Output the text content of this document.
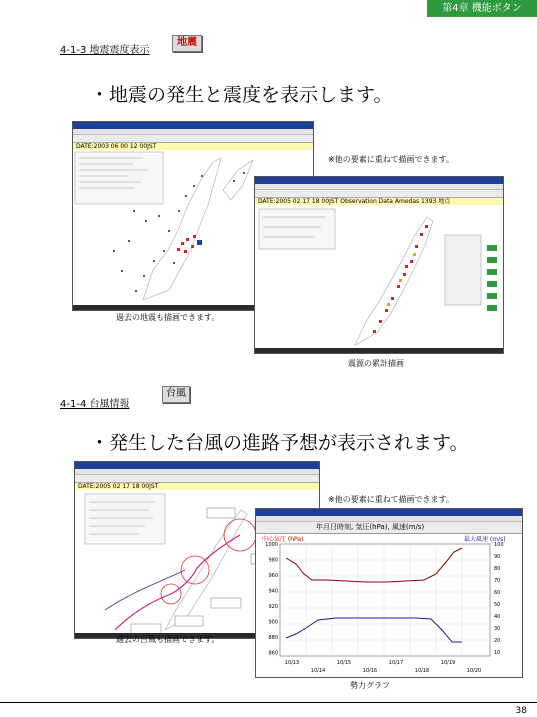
第4章 機能ボタン
4-1-3 地震震度表示
地震
・地震の発生と震度を表示します。
DATE:2003 06 00 12 00JST
※他の要素に重ねて描画できます。
DATE:2005 02 17 18 00JST Observation Data Amedas 1393 地点
過去の地震も描画できます。
震源の累計描画
4-1-4 台風情報
台風
・発生した台風の進路予想が表示されます。
DATE:2005 02 17 18 00JST
※他の要素に重ねて描画できます。
年月日時刻, 気圧(hPa), 風速(m/s)
中心気圧 (hPa)	最大風速 (m/s)
1000
980
960
940
920
900
880
860
100
90
80
70
60
50
40
30
20
10
10/13	10/15	10/17	10/19
10/14	10/16	10/18	10/20
過去の台風も描画できます。
勢力グラフ
38
